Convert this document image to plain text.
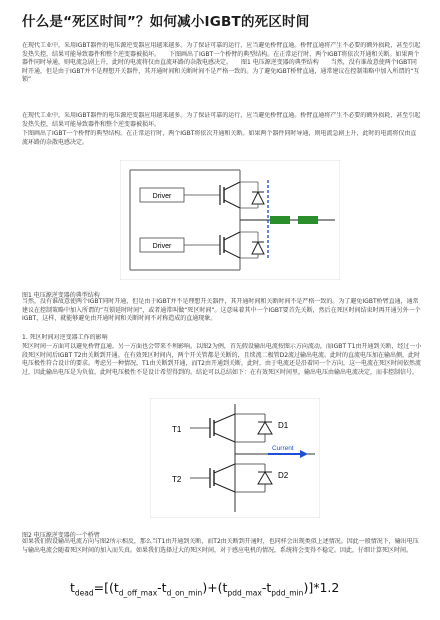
什么是“死区时间”？如何减小IGBT的死区时间
在现代工业中，采用IGBT器件的电压源逆变器应用越来越多。为了保证可靠的运行，应当避免桥臂直通。桥臂直通将产生不必要的额外损耗，甚至引起发热失控，结果可能导致器件和整个逆变器被损坏。　　下图画出了IGBT一个桥臂的典型结构。在正常运行时，两个IGBT将依次开通和关断。如果两个器件同时导通，则电流急剧上升，此时的电流将仅由直流环路的杂散电感决定。　　图1 电压源逆变器的典型结构　　当然，没有谁故意使两个IGBT同时开通，但是由于IGBT并不是理想开关器件，其开通时间和关断时间不是严格一致的。为了避免IGBT桥臂直通，通常建议在控制策略中加入所谓的“互锁”
在现代工业中，采用IGBT器件的电压源逆变器应用越来越多。为了保证可靠的运行，应当避免桥臂直通。桥臂直通将产生不必要的额外损耗，甚至引起发热失控，结果可能导致器件和整个逆变器被损坏。
下图画出了IGBT一个桥臂的典型结构。在正常运行时，两个IGBT将依次开通和关断。如果两个器件同时导通，则电流急剧上升，此时的电流将仅由直流环路的杂散电感决定。
Driver
Driver
图1 电压源逆变器的典型结构
当然，没有谁故意使两个IGBT同时开通，但是由于IGBT并不是理想开关器件，其开通时间和关断时间不是严格一致的。为了避免IGBT桥臂直通，通常建议在控制策略中加入所谓的“互锁延时时间”，或者通常叫做“死区时间”。这意味着其中一个IGBT要首先关断，然后在死区时间结束时再开通另外一个IGBT，这样，就能够避免由开通时间和关断时间不对称造成的直通现象。
1. 死区时间对逆变器工作的影响
死区时间一方面可以避免桥臂直通，另一方面也会带来不利影响。以图2为例，首先假设输出电流按图示方向流动，而IGBT T1由开通到关断，经过一小段死区时间后IGBT T2由关断到开通。在有效死区时间内，两个开关管都是关断的，且续流二极管D2流过输出电流。此时的直流电压加在输出侧，此时电压极性符合设计的要求。考虑另一种情况，T1由关断到开通，而T2由开通到关断，此时，由于电流还是沿着同一个方向，这一电流在死区时间依然流过，因此输出电压是为负值，此时电压极性不是设计希望得到的。结论可以总结如下：在有效死区时间里，输出电压由输出电流决定，而非控制信号。
T1
T2
D1
D2
Current
图2 电压源逆变器的一个桥臂
如果我们假设输出电流方向与图2所示相反，那么当T1由开通到关断，而T2由关断到开通时，也同样会出现类似上述情况。因此一般情况下，输出电压与输出电流会随着死区时间的加入而失真。如果我们选择过大的死区时间，对于感应电机的情况，系统将会变得不稳定。因此，仔细计算死区时间。
$t_{dead}=[(t_{d\_off\_max}-t_{d\_on\_min})+(t_{pdd\_max}-t_{pdd\_min})]*1.2$
